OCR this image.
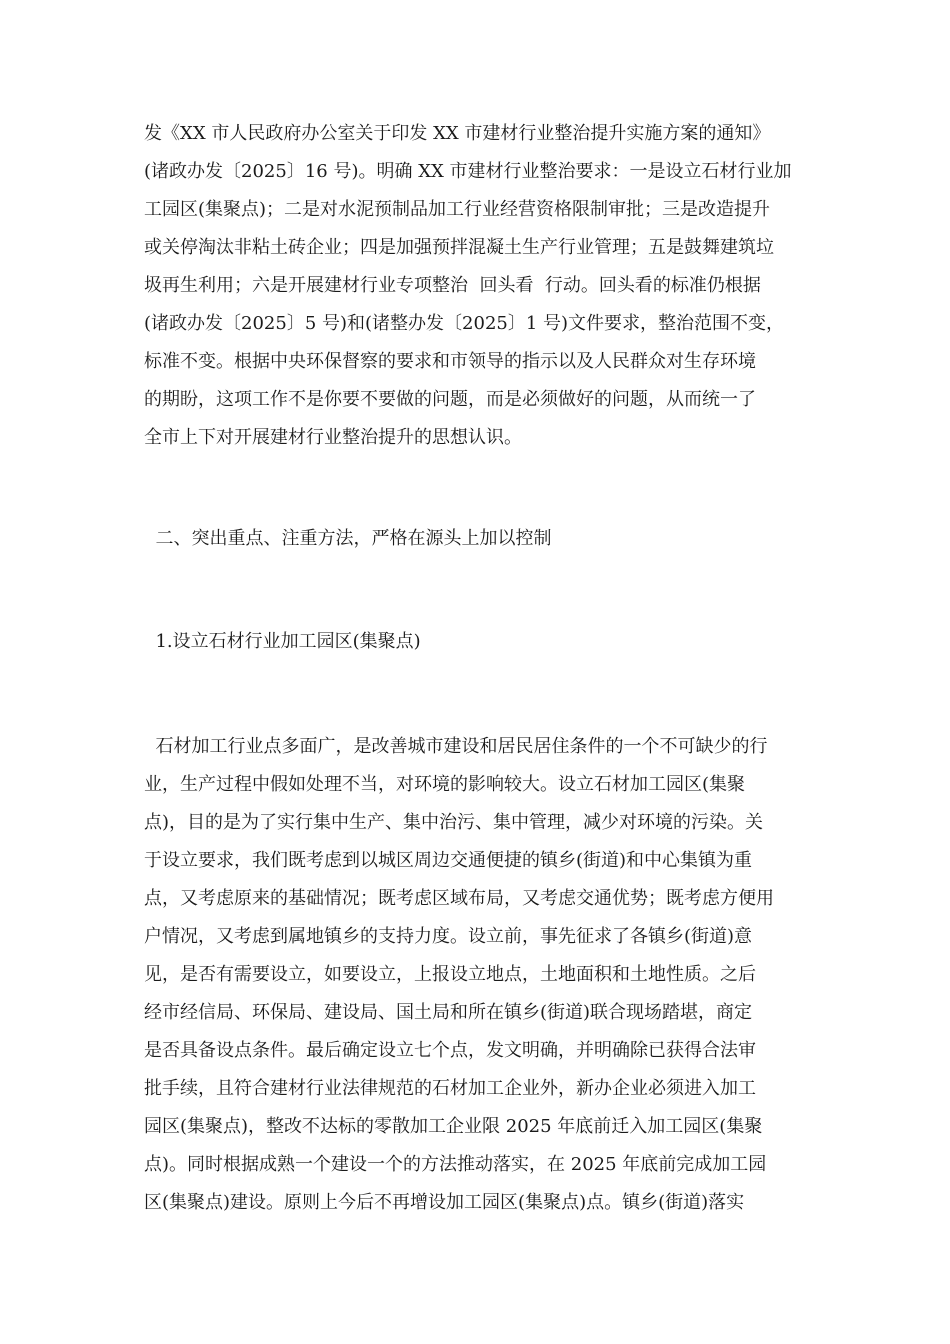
发《XX 市人民政府办公室关于印发 XX 市建材行业整治提升实施方案的通知》
(诸政办发〔2025〕16 号)。明确 XX 市建材行业整治要求：一是设立石材行业加
工园区(集聚点)；二是对水泥预制品加工行业经营资格限制审批；三是改造提升
或关停淘汰非粘土砖企业；四是加强预拌混凝土生产行业管理；五是鼓舞建筑垃
圾再生利用；六是开展建材行业专项整治  回头看  行动。回头看的标准仍根据
(诸政办发〔2025〕5 号)和(诸整办发〔2025〕1 号)文件要求，整治范围不变，
标准不变。根据中央环保督察的要求和市领导的指示以及人民群众对生存环境
的期盼，这项工作不是你要不要做的问题，而是必须做好的问题，从而统一了
全市上下对开展建材行业整治提升的思想认识。
二、突出重点、注重方法，严格在源头上加以控制
1.设立石材行业加工园区(集聚点)
石材加工行业点多面广，是改善城市建设和居民居住条件的一个不可缺少的行
业，生产过程中假如处理不当，对环境的影响较大。设立石材加工园区(集聚
点)，目的是为了实行集中生产、集中治污、集中管理，减少对环境的污染。关
于设立要求，我们既考虑到以城区周边交通便捷的镇乡(街道)和中心集镇为重
点，又考虑原来的基础情况；既考虑区域布局，又考虑交通优势；既考虑方便用
户情况，又考虑到属地镇乡的支持力度。设立前，事先征求了各镇乡(街道)意
见，是否有需要设立，如要设立，上报设立地点，土地面积和土地性质。之后
经市经信局、环保局、建设局、国土局和所在镇乡(街道)联合现场踏堪，商定
是否具备设点条件。最后确定设立七个点，发文明确，并明确除已获得合法审
批手续，且符合建材行业法律规范的石材加工企业外，新办企业必须进入加工
园区(集聚点)，整改不达标的零散加工企业限 2025 年底前迁入加工园区(集聚
点)。同时根据成熟一个建设一个的方法推动落实，在 2025 年底前完成加工园
区(集聚点)建设。原则上今后不再增设加工园区(集聚点)点。镇乡(街道)落实
